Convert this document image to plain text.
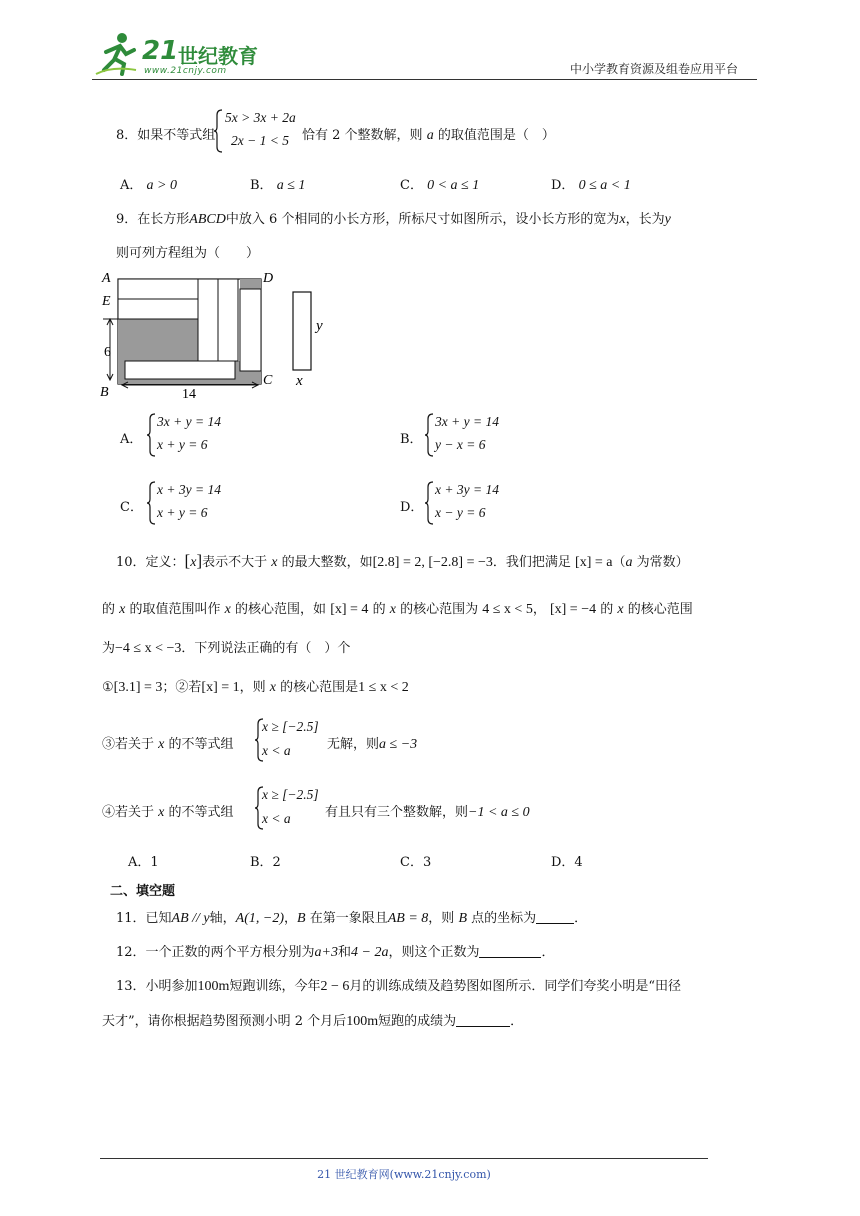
21 世纪教育
www.21cnjy.com	中小学教育资源及组卷应用平台
8．如果不等式组
5x > 3x + 2a
2x − 1 < 5 恰有 2 个整数解，则 a 的取值范围是（　）
A． a > 0	B． a ≤ 1	C． 0 < a ≤ 1	D． 0 ≤ a < 1
9．在长方形ABCD中放入 6 个相同的小长方形，所标尺寸如图所示，设小长方形的宽为x，长为y
则可列方程组为（　　）
A	D
E
6
B
C
14
y
x
A．
3x + y = 14
x + y = 6	B．
3x + y = 14
y − x = 6
C．
x + 3y = 14
x + y = 6	D．
x + 3y = 14
x − y = 6
10．定义：[x]表示不大于 x 的最大整数，如[2.8] = 2, [−2.8] = −3．我们把满足 [x] = a（a 为常数）
的 x 的取值范围叫作 x 的核心范围，如 [x] = 4 的 x 的核心范围为 4 ≤ x < 5， [x] = −4 的 x 的核心范围
为−4 ≤ x < −3．下列说法正确的有（　）个
①[3.1] = 3；②若[x] = 1，则 x 的核心范围是1 ≤ x < 2
③若关于 x 的不等式组
x ≥ [−2.5]
x < a	无解，则a ≤ −3
④若关于 x 的不等式组
x ≥ [−2.5]
x < a	有且只有三个整数解，则−1 < a ≤ 0
A．1	B．2	C．3	D．4
二、填空题
11．已知AB // y轴，A(1, −2)，B 在第一象限且AB = 8，则 B 点的坐标为	．
12．一个正数的两个平方根分别为a+3和4 − 2a，则这个正数为	．
13．小明参加100m短跑训练，今年2 − 6月的训练成绩及趋势图如图所示．同学们夸奖小明是“田径
天才”，请你根据趋势图预测小明 2 个月后100m短跑的成绩为	．
21 世纪教育网(www.21cnjy.com)
